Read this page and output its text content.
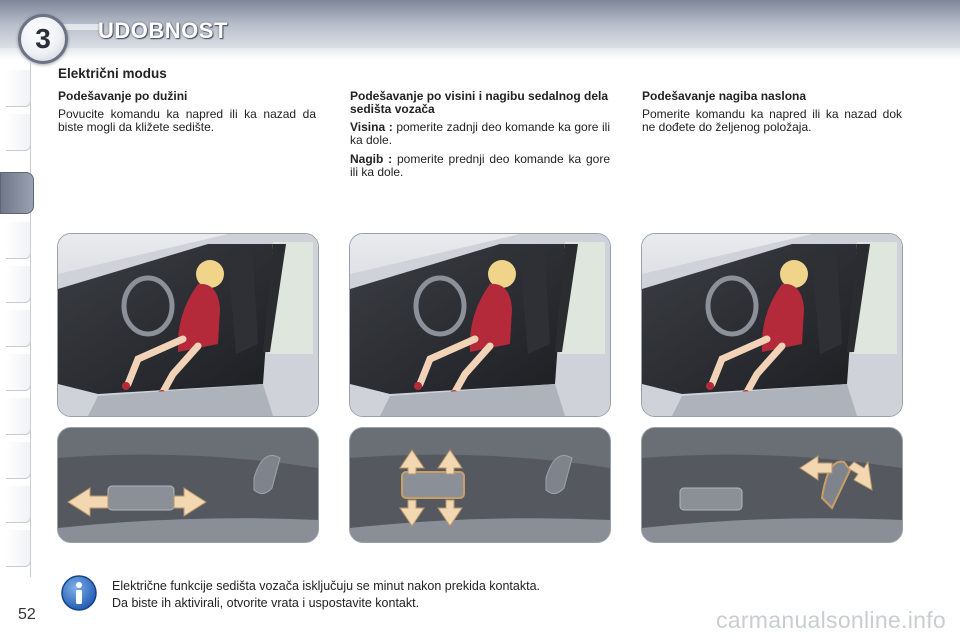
3	UDOBNOST
Električni modus
Podešavanje po dužini

Povucite komandu ka napred ili ka nazad da biste mogli da kližete sedište.

Podešavanje po visini i nagibu sedalnog dela sedišta vozača

Visina : pomerite zadnji deo komande ka gore ili ka dole.

Nagib : pomerite prednji deo komande ka gore ili ka dole.

Podešavanje nagiba naslona

Pomerite komandu ka napred ili ka nazad dok ne dođete do željenog položaja.

Električne funkcije sedišta vozača isključuju se minut nakon prekida kontakta.
Da biste ih aktivirali, otvorite vrata i uspostavite kontakt.
52	carmanualsonline.info
